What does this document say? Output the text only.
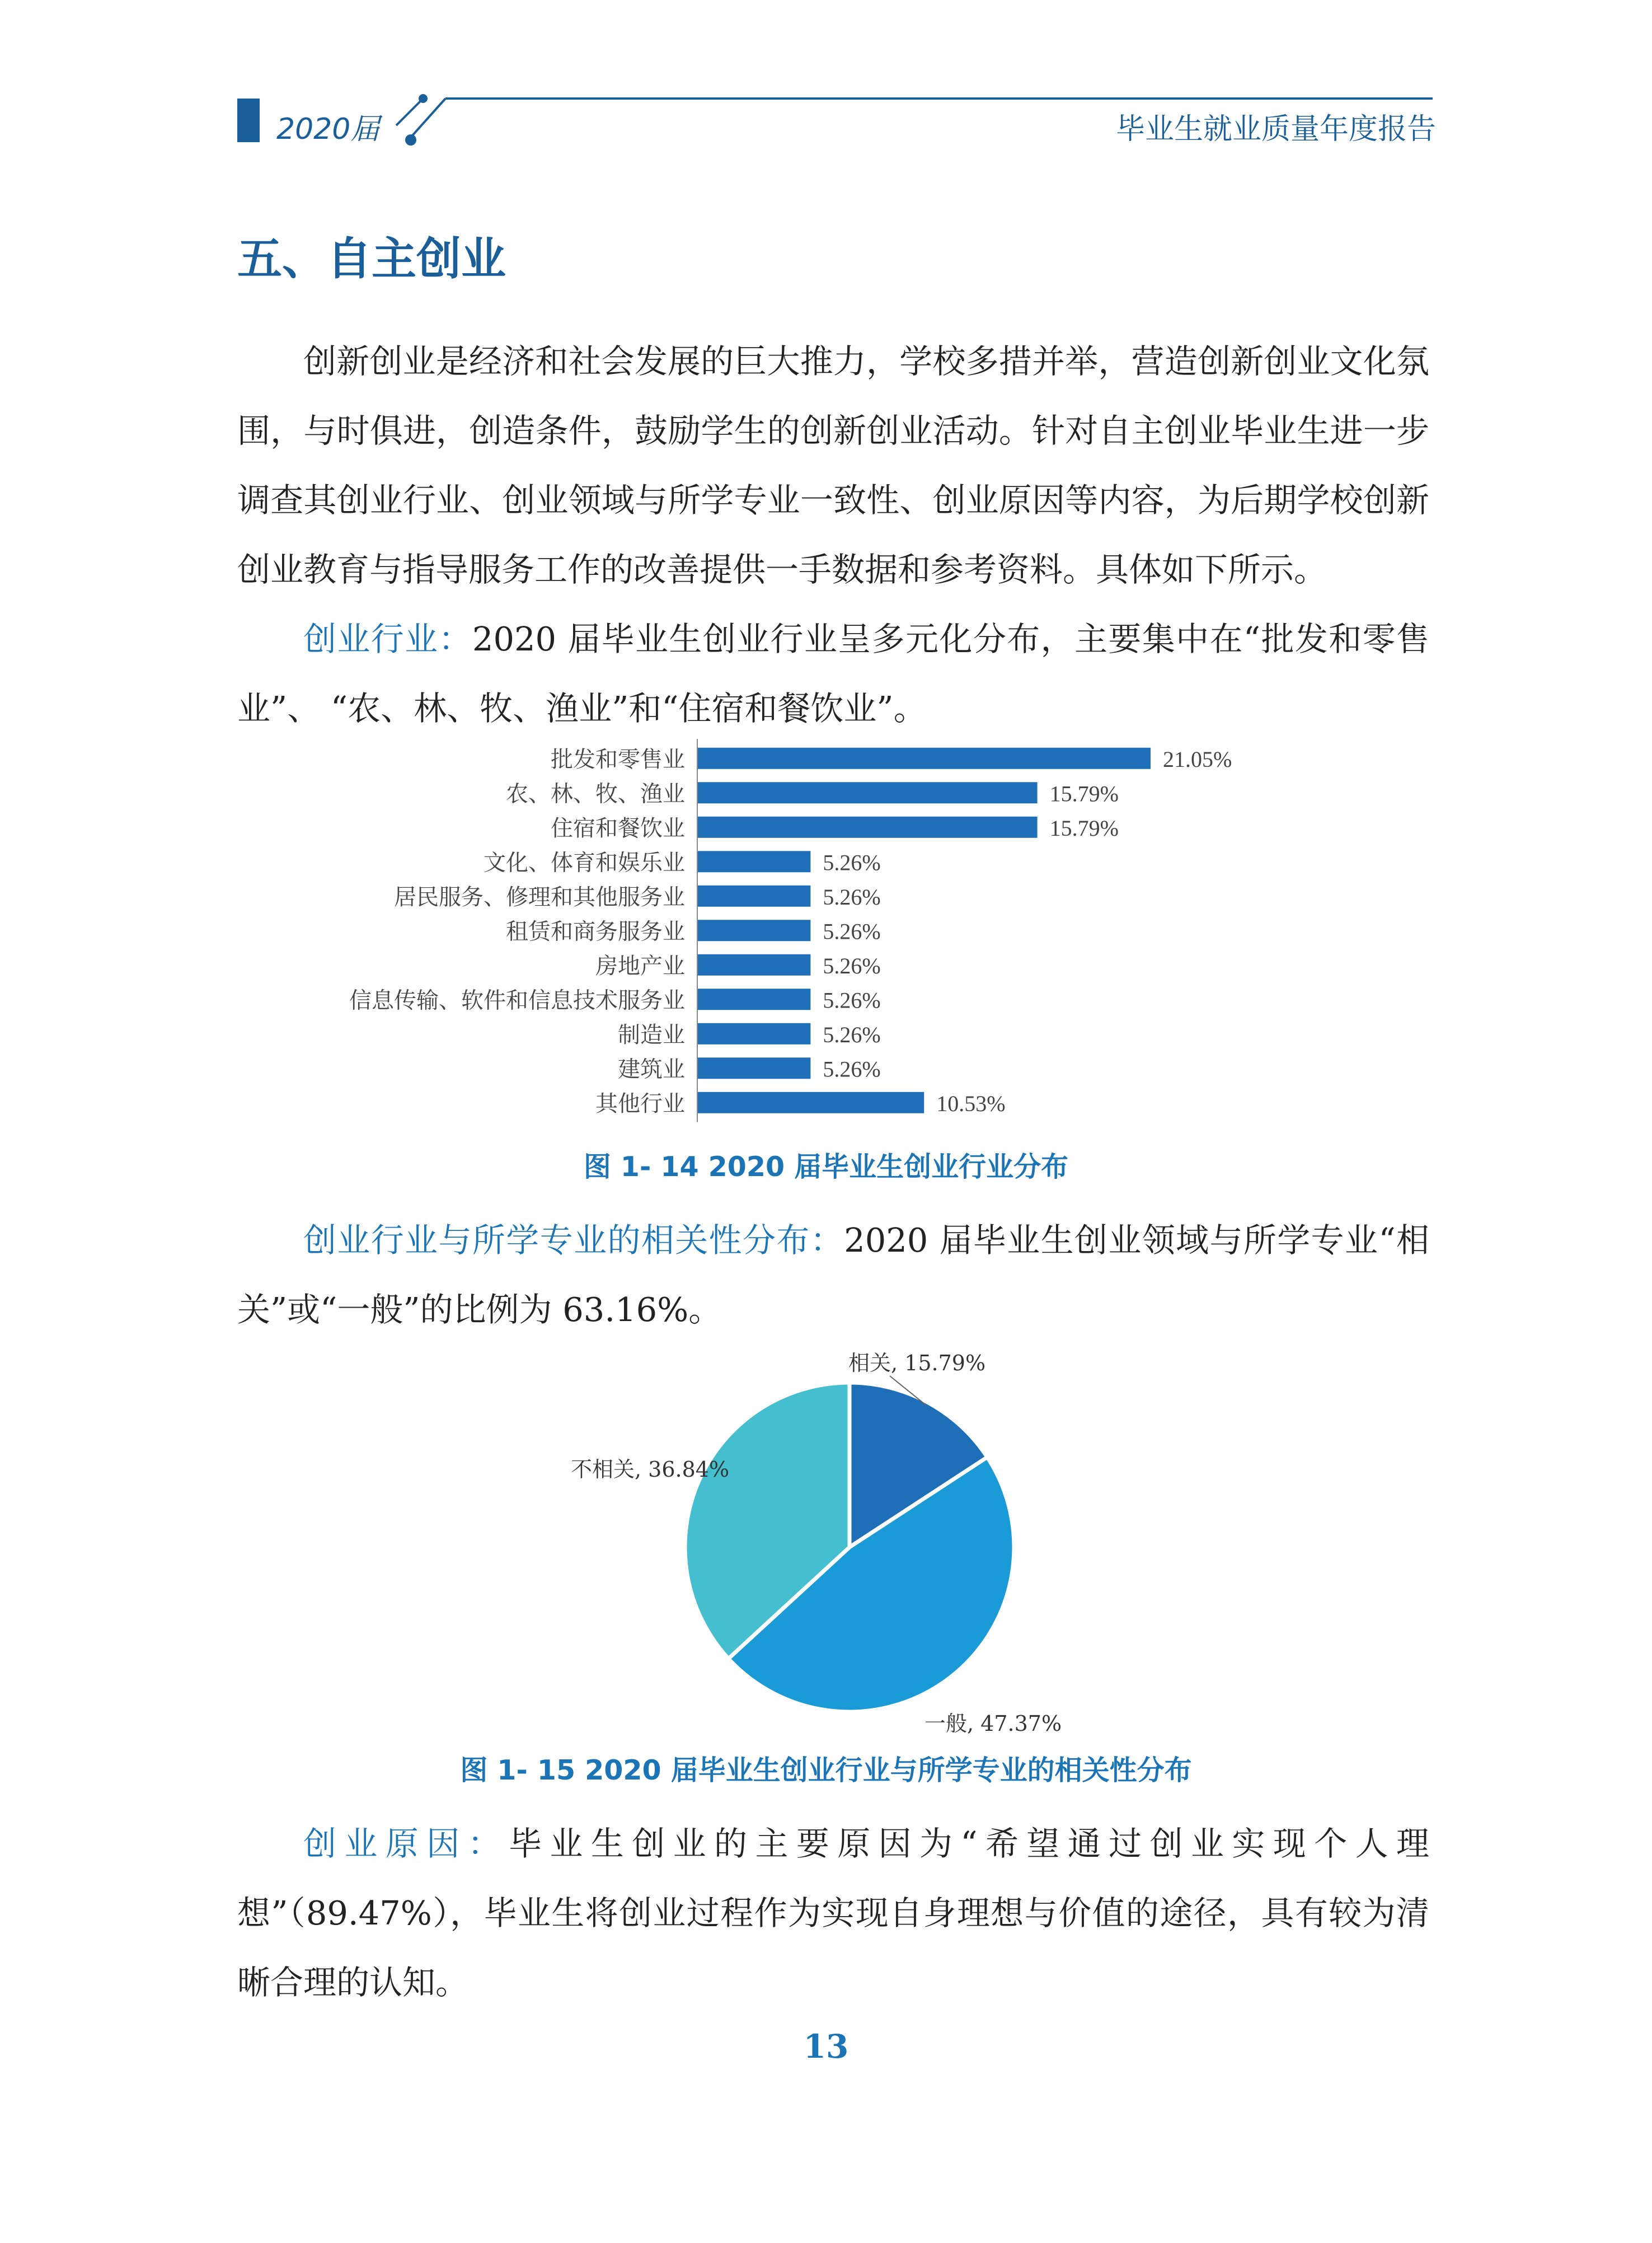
2020届	毕业生就业质量年度报告
五、自主创业

创新创业是经济和社会发展的巨大推力，学校多措并举，营造创新创业文化氛围，与时俱进，创造条件，鼓励学生的创新创业活动。针对自主创业毕业生进一步调查其创业行业、创业领域与所学专业一致性、创业原因等内容，为后期学校创新创业教育与指导服务工作的改善提供一手数据和参考资料。具体如下所示。

创业行业：2020 届毕业生创业行业呈多元化分布，主要集中在“批发和零售业”、 “农、林、牧、渔业”和“住宿和餐饮业”。

批发和零售业	21.05%
农、林、牧、渔业	15.79%
住宿和餐饮业	15.79%
文化、体育和娱乐业	5.26%
居民服务、修理和其他服务业	5.26%
租赁和商务服务业	5.26%
房地产业	5.26%
信息传输、软件和信息技术服务业	5.26%
制造业	5.26%
建筑业	5.26%
其他行业	10.53%
图 1- 14 2020 届毕业生创业行业分布

创业行业与所学专业的相关性分布：2020 届毕业生创业领域与所学专业“相关”或“一般”的比例为 63.16%。

相关, 15.79%
一般, 47.37%
不相关, 36.84%
图 1- 15 2020 届毕业生创业行业与所学专业的相关性分布

创业原因：毕业生创业的主要原因为“希望通过创业实现个人理想”（89.47%），毕业生将创业过程作为实现自身理想与价值的途径，具有较为清晰合理的认知。

13
